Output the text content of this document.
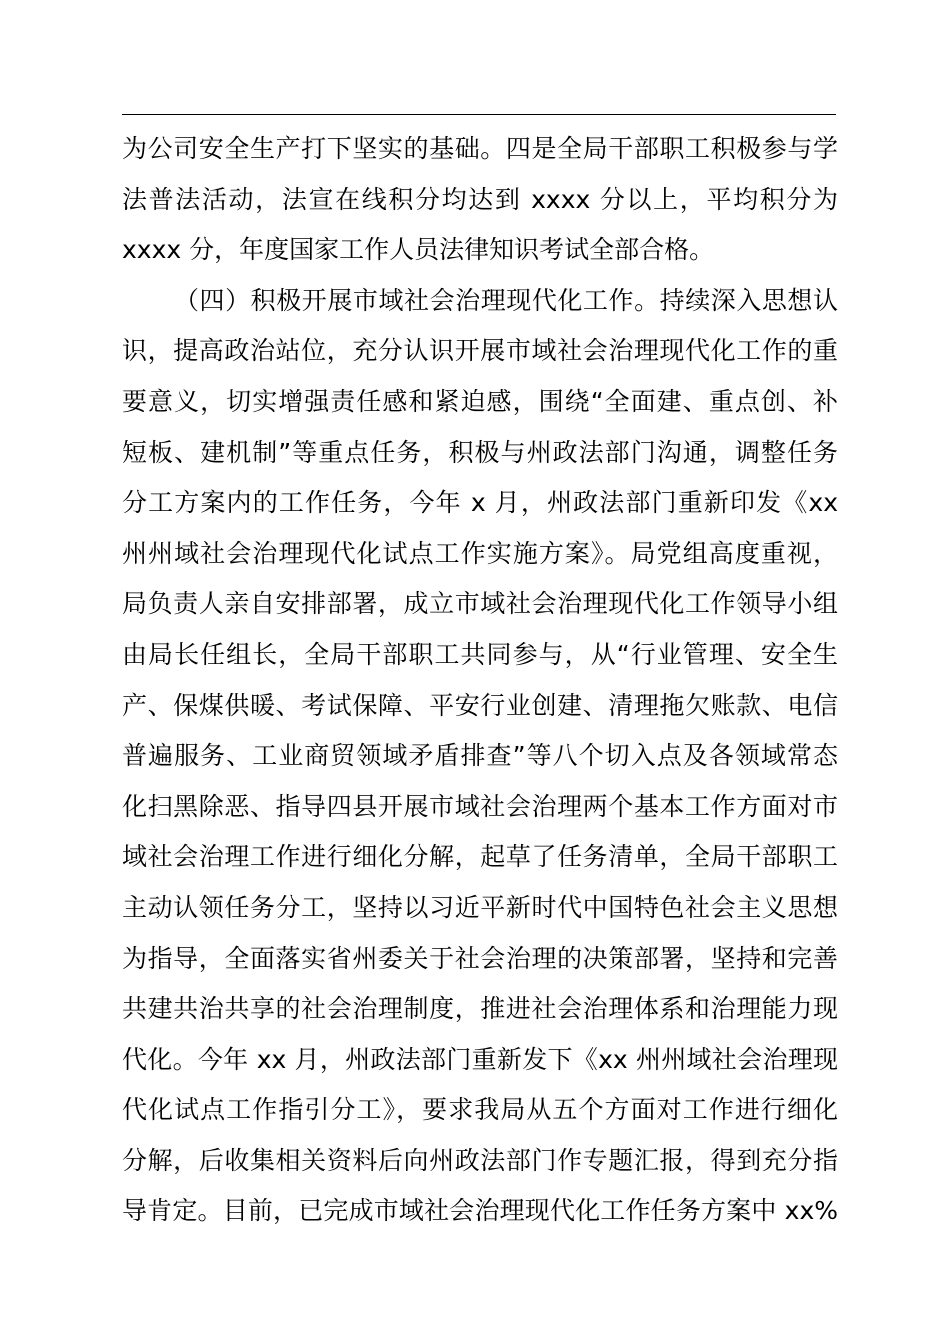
为公司安全生产打下坚实的基础。四是全局干部职工积极参与学
法普法活动，法宣在线积分均达到 xxxx 分以上，平均积分为
xxxx 分，年度国家工作人员法律知识考试全部合格。
（四）积极开展市域社会治理现代化工作。持续深入思想认
识，提高政治站位，充分认识开展市域社会治理现代化工作的重
要意义，切实增强责任感和紧迫感，围绕“全面建、重点创、补
短板、建机制”等重点任务，积极与州政法部门沟通，调整任务
分工方案内的工作任务，今年 x 月，州政法部门重新印发《xx
州州域社会治理现代化试点工作实施方案》。局党组高度重视，
局负责人亲自安排部署，成立市域社会治理现代化工作领导小组
由局长任组长，全局干部职工共同参与，从“行业管理、安全生
产、保煤供暖、考试保障、平安行业创建、清理拖欠账款、电信
普遍服务、工业商贸领域矛盾排查”等八个切入点及各领域常态
化扫黑除恶、指导四县开展市域社会治理两个基本工作方面对市
域社会治理工作进行细化分解，起草了任务清单，全局干部职工
主动认领任务分工，坚持以习近平新时代中国特色社会主义思想
为指导，全面落实省州委关于社会治理的决策部署，坚持和完善
共建共治共享的社会治理制度，推进社会治理体系和治理能力现
代化。今年 xx 月，州政法部门重新发下《xx 州州域社会治理现
代化试点工作指引分工》，要求我局从五个方面对工作进行细化
分解，后收集相关资料后向州政法部门作专题汇报，得到充分指
导肯定。目前，已完成市域社会治理现代化工作任务方案中 xx%
